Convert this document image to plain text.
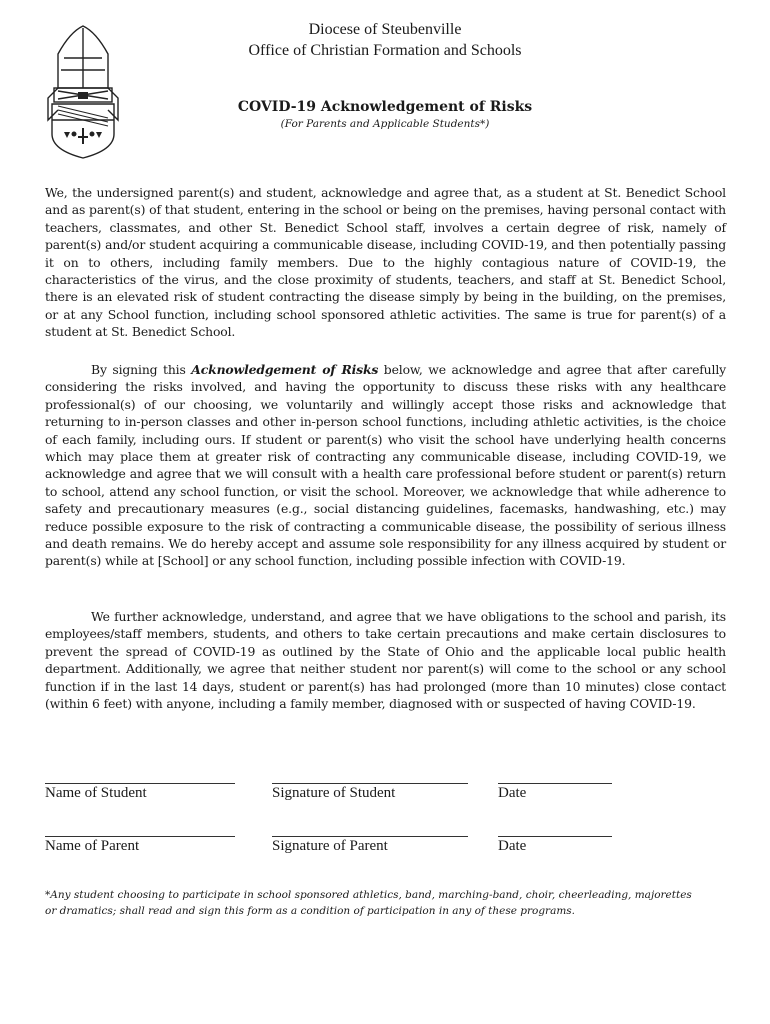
Diocese of Steubenville
Office of Christian Formation and Schools
COVID-19 Acknowledgement of Risks
(For Parents and Applicable Students*)
We, the undersigned parent(s) and student, acknowledge and agree that, as a student at St. Benedict School and as parent(s) of that student, entering in the school or being on the premises, having personal contact with teachers, classmates, and other St. Benedict School staff, involves a certain degree of risk, namely of parent(s) and/or student acquiring a communicable disease, including COVID-19, and then potentially passing it on to others, including family members. Due to the highly contagious nature of COVID-19, the characteristics of the virus, and the close proximity of students, teachers, and staff at St. Benedict School, there is an elevated risk of student contracting the disease simply by being in the building, on the premises, or at any School function, including school sponsored athletic activities. The same is true for parent(s) of a student at St. Benedict School.
By signing this Acknowledgement of Risks below, we acknowledge and agree that after carefully considering the risks involved, and having the opportunity to discuss these risks with any healthcare professional(s) of our choosing, we voluntarily and willingly accept those risks and acknowledge that returning to in-person classes and other in-person school functions, including athletic activities, is the choice of each family, including ours. If student or parent(s) who visit the school have underlying health concerns which may place them at greater risk of contracting any communicable disease, including COVID-19, we acknowledge and agree that we will consult with a health care professional before student or parent(s) return to school, attend any school function, or visit the school. Moreover, we acknowledge that while adherence to safety and precautionary measures (e.g., social distancing guidelines, facemasks, handwashing, etc.) may reduce possible exposure to the risk of contracting a communicable disease, the possibility of serious illness and death remains. We do hereby accept and assume sole responsibility for any illness acquired by student or parent(s) while at [School] or any school function, including possible infection with COVID-19.
We further acknowledge, understand, and agree that we have obligations to the school and parish, its employees/staff members, students, and others to take certain precautions and make certain disclosures to prevent the spread of COVID-19 as outlined by the State of Ohio and the applicable local public health department. Additionally, we agree that neither student nor parent(s) will come to the school or any school function if in the last 14 days, student or parent(s) has had prolonged (more than 10 minutes) close contact (within 6 feet) with anyone, including a family member, diagnosed with or suspected of having COVID-19.
Name of Student	Signature of Student	Date
Name of Parent	Signature of Parent	Date
*Any student choosing to participate in school sponsored athletics, band, marching-band, choir, cheerleading, majorettes or dramatics; shall read and sign this form as a condition of participation in any of these programs.
